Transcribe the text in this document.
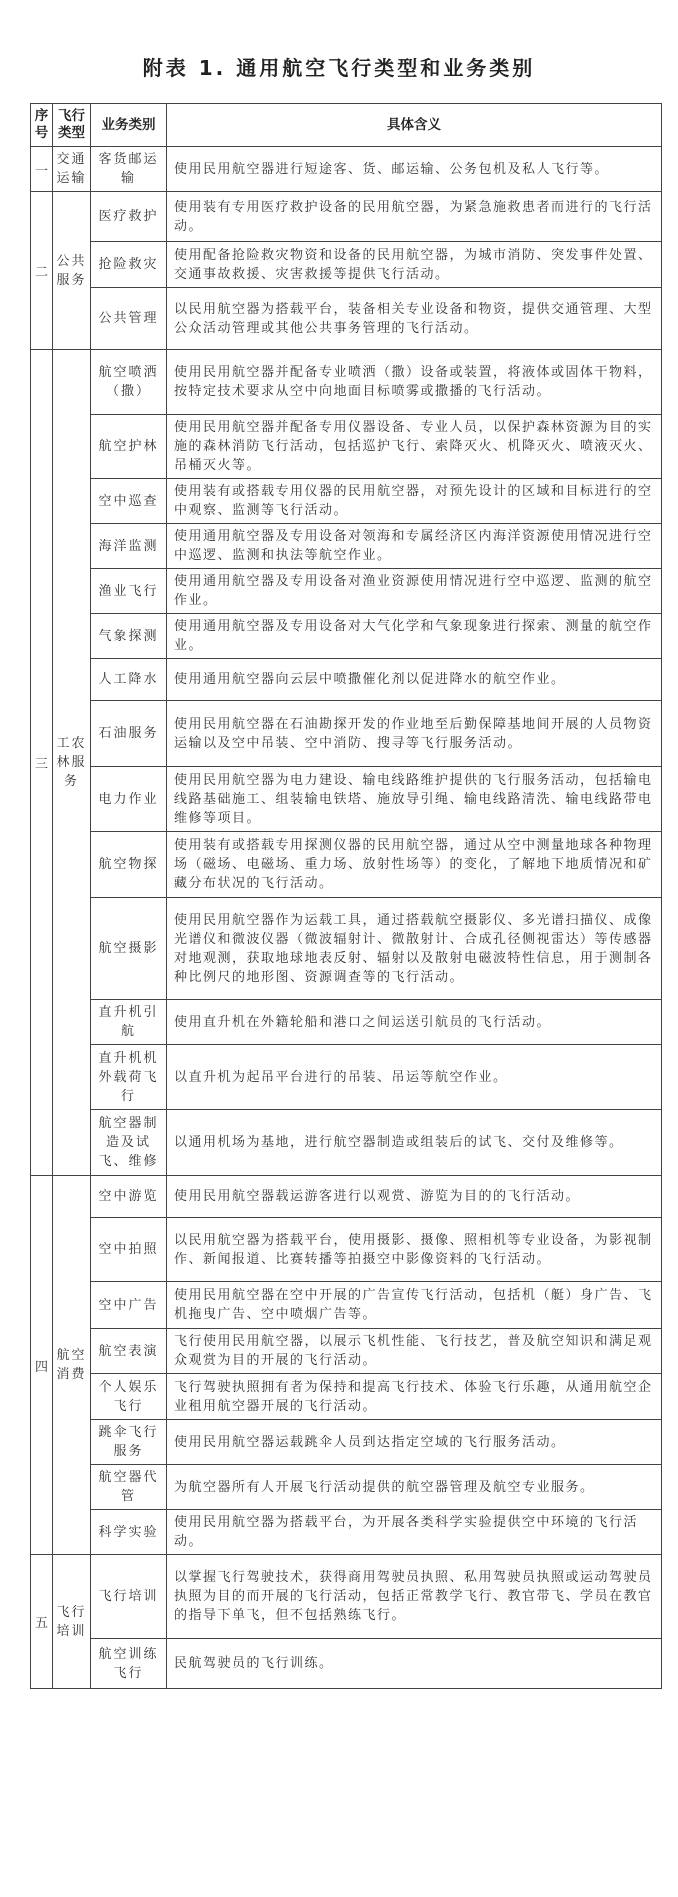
附表 1. 通用航空飞行类型和业务类别
序号	飞行类型	业务类别	具体含义
一	交通运输	客货邮运输	使用民用航空器进行短途客、货、邮运输、公务包机及私人飞行等。
二	公共服务	医疗救护	使用装有专用医疗救护设备的民用航空器，为紧急施救患者而进行的飞行活动。
		抢险救灾	使用配备抢险救灾物资和设备的民用航空器，为城市消防、突发事件处置、交通事故救援、灾害救援等提供飞行活动。
		公共管理	以民用航空器为搭载平台，装备相关专业设备和物资，提供交通管理、大型公众活动管理或其他公共事务管理的飞行活动。
三	工农林服务	航空喷洒（撒）	使用民用航空器并配备专业喷洒（撒）设备或装置，将液体或固体干物料，按特定技术要求从空中向地面目标喷雾或撒播的飞行活动。
		航空护林	使用民用航空器并配备专用仪器设备、专业人员，以保护森林资源为目的实施的森林消防飞行活动，包括巡护飞行、索降灭火、机降灭火、喷液灭火、吊桶灭火等。
		空中巡查	使用装有或搭载专用仪器的民用航空器，对预先设计的区域和目标进行的空中观察、监测等飞行活动。
		海洋监测	使用通用航空器及专用设备对领海和专属经济区内海洋资源使用情况进行空中巡逻、监测和执法等航空作业。
		渔业飞行	使用通用航空器及专用设备对渔业资源使用情况进行空中巡逻、监测的航空作业。
		气象探测	使用通用航空器及专用设备对大气化学和气象现象进行探索、测量的航空作业。
		人工降水	使用通用航空器向云层中喷撒催化剂以促进降水的航空作业。
		石油服务	使用民用航空器在石油勘探开发的作业地至后勤保障基地间开展的人员物资运输以及空中吊装、空中消防、搜寻等飞行服务活动。
		电力作业	使用民用航空器为电力建设、输电线路维护提供的飞行服务活动，包括输电线路基础施工、组装输电铁塔、施放导引绳、输电线路清洗、输电线路带电维修等项目。
		航空物探	使用装有或搭载专用探测仪器的民用航空器，通过从空中测量地球各种物理场（磁场、电磁场、重力场、放射性场等）的变化，了解地下地质情况和矿藏分布状况的飞行活动。
		航空摄影	使用民用航空器作为运载工具，通过搭载航空摄影仪、多光谱扫描仪、成像光谱仪和微波仪器（微波辐射计、微散射计、合成孔径侧视雷达）等传感器对地观测，获取地球地表反射、辐射以及散射电磁波特性信息，用于测制各种比例尺的地形图、资源调查等的飞行活动。
		直升机引航	使用直升机在外籍轮船和港口之间运送引航员的飞行活动。
		直升机机外载荷飞行	以直升机为起吊平台进行的吊装、吊运等航空作业。
		航空器制造及试飞、维修	以通用机场为基地，进行航空器制造或组装后的试飞、交付及维修等。
四	航空消费	空中游览	使用民用航空器载运游客进行以观赏、游览为目的的飞行活动。
		空中拍照	以民用航空器为搭载平台，使用摄影、摄像、照相机等专业设备，为影视制作、新闻报道、比赛转播等拍摄空中影像资料的飞行活动。
		空中广告	使用民用航空器在空中开展的广告宣传飞行活动，包括机（艇）身广告、飞机拖曳广告、空中喷烟广告等。
		航空表演	飞行使用民用航空器，以展示飞机性能、飞行技艺，普及航空知识和满足观众观赏为目的开展的飞行活动。
		个人娱乐飞行	飞行驾驶执照拥有者为保持和提高飞行技术、体验飞行乐趣，从通用航空企业租用航空器开展的飞行活动。
		跳伞飞行服务	使用民用航空器运载跳伞人员到达指定空域的飞行服务活动。
		航空器代管	为航空器所有人开展飞行活动提供的航空器管理及航空专业服务。
		科学实验	使用民用航空器为搭载平台，为开展各类科学实验提供空中环境的飞行活动。
五	飞行培训	飞行培训	以掌握飞行驾驶技术，获得商用驾驶员执照、私用驾驶员执照或运动驾驶员执照为目的而开展的飞行活动，包括正常教学飞行、教官带飞、学员在教官的指导下单飞，但不包括熟练飞行。
		航空训练飞行	民航驾驶员的飞行训练。
